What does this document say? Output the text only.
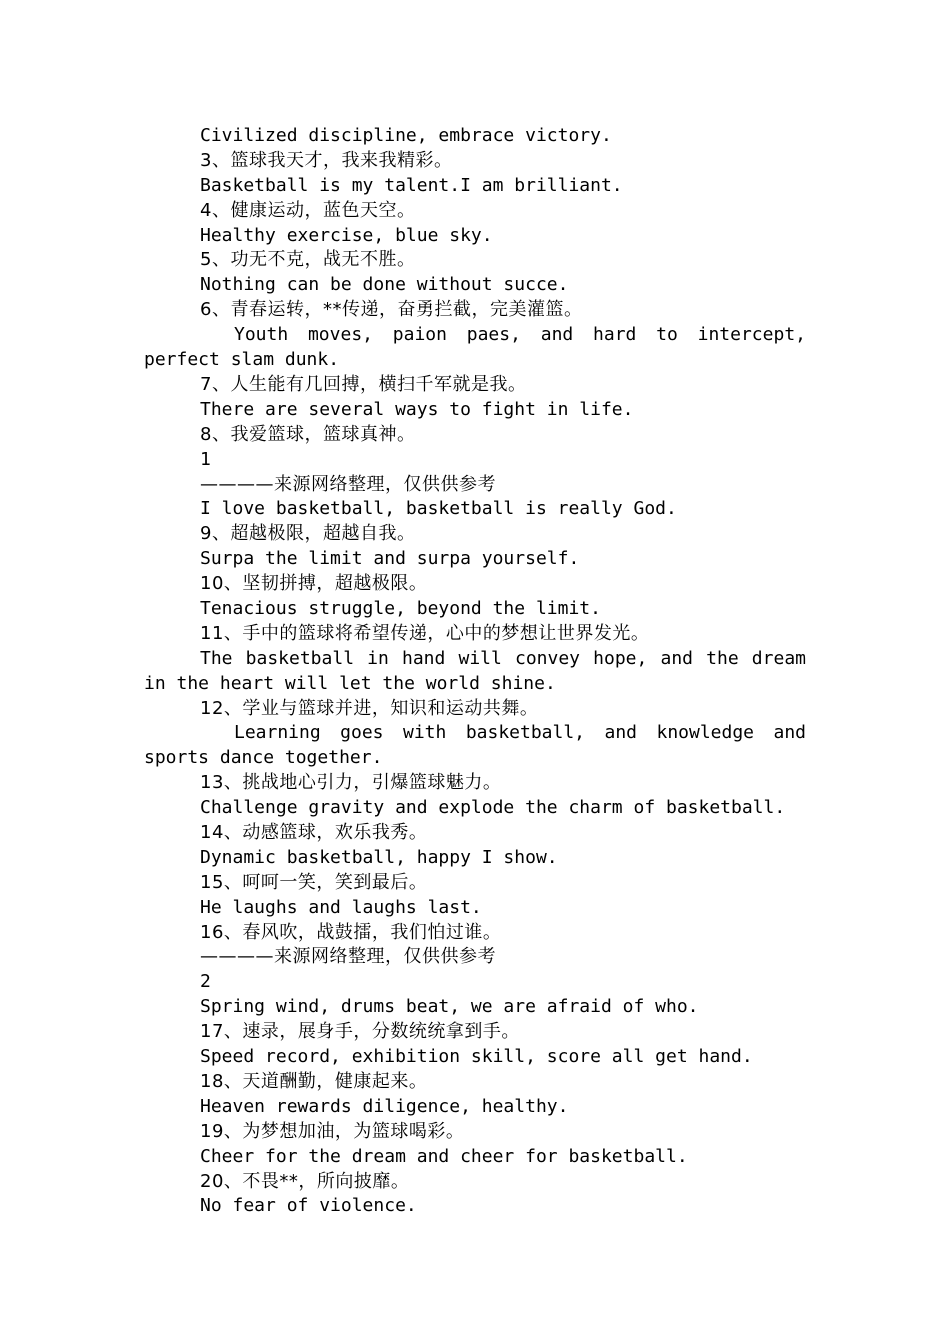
Civilized discipline, embrace victory.
3、篮球我天才，我来我精彩。
Basketball is my talent.I am brilliant.
4、健康运动，蓝色天空。
Healthy exercise, blue sky.
5、功无不克，战无不胜。
Nothing can be done without succe.
6、青春运转，**传递，奋勇拦截，完美灌篮。
Youth moves, paion paes, and hard to intercept, perfect slam dunk.
7、人生能有几回搏，横扫千军就是我。
There are several ways to fight in life.
8、我爱篮球，篮球真神。
1
————来源网络整理，仅供供参考
I love basketball, basketball is really God.
9、超越极限，超越自我。
Surpa the limit and surpa yourself.
10、坚韧拼搏，超越极限。
Tenacious struggle, beyond the limit.
11、手中的篮球将希望传递，心中的梦想让世界发光。
The basketball in hand will convey hope, and the dream in the heart will let the world shine.
12、学业与篮球并进，知识和运动共舞。
Learning goes with basketball, and knowledge and sports dance together.
13、挑战地心引力，引爆篮球魅力。
Challenge gravity and explode the charm of basketball.
14、动感篮球，欢乐我秀。
Dynamic basketball, happy I show.
15、呵呵一笑，笑到最后。
He laughs and laughs last.
16、春风吹，战鼓擂，我们怕过谁。
————来源网络整理，仅供供参考
2
Spring wind, drums beat, we are afraid of who.
17、速录，展身手，分数统统拿到手。
Speed record, exhibition skill, score all get hand.
18、天道酬勤，健康起来。
Heaven rewards diligence, healthy.
19、为梦想加油，为篮球喝彩。
Cheer for the dream and cheer for basketball.
20、不畏**，所向披靡。
No fear of violence.
